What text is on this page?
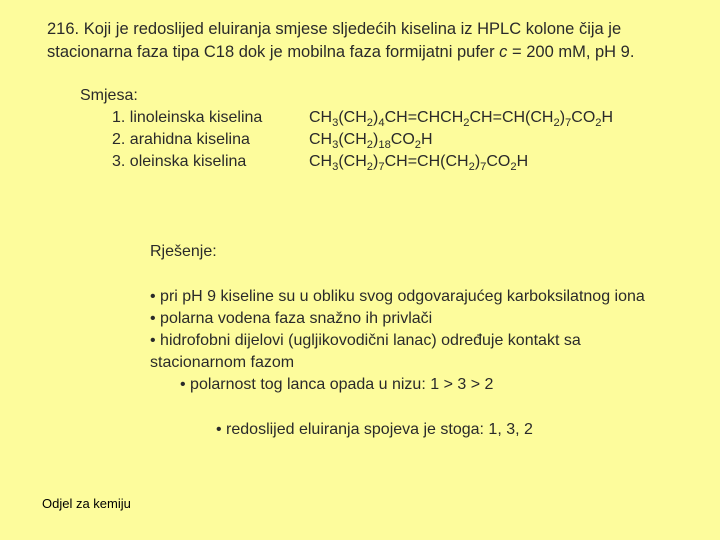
216. Koji je redoslijed eluiranja smjese sljedećih kiselina iz HPLC kolone čija je
stacionarna faza tipa C18 dok je mobilna faza formijatni pufer c = 200 mM, pH 9.
Smjesa:
1. linoleinska kiselina	$CH_3(CH_2)_4CH=CHCH_2CH=CH(CH_2)_7CO_2H$
2. arahidna kiselina	$CH_3(CH_2)_{18}CO_2H$
3. oleinska kiselina	$CH_3(CH_2)_7CH=CH(CH_2)_7CO_2H$
Rješenje:
• pri pH 9 kiseline su u obliku svog odgovarajućeg karboksilatnog iona
• polarna vodena faza snažno ih privlači
• hidrofobni dijelovi (ugljikovodični lanac) određuje kontakt sa
stacionarnom fazom
• polarnost tog lanca opada u nizu: 1 > 3 > 2
• redoslijed eluiranja spojeva je stoga: 1, 3, 2
Odjel za kemiju
